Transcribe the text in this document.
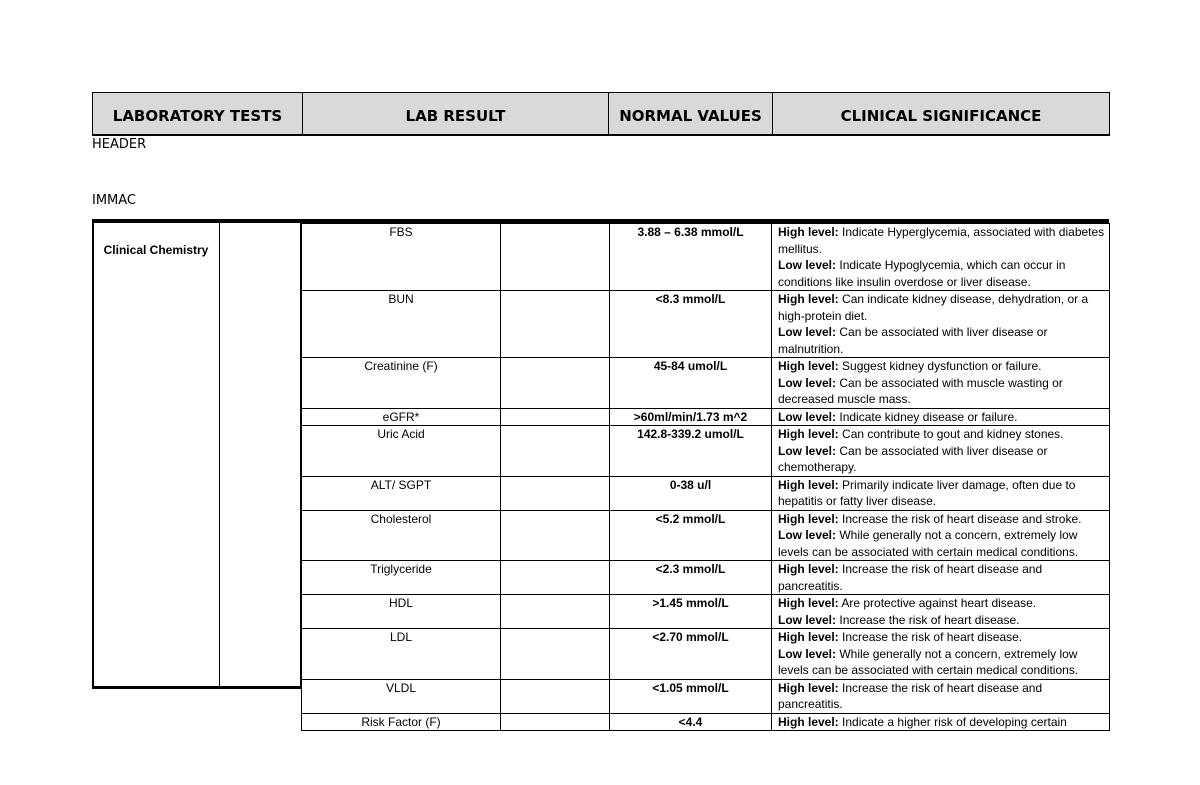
LABORATORY TESTS	LAB RESULT	NORMAL VALUES	CLINICAL SIGNIFICANCE
HEADER
IMMAC
Clinical Chemistry
FBS		3.88 – 6.38 mmol/L	High level: Indicate Hyperglycemia, associated with diabetes mellitus.
Low level: Indicate Hypoglycemia, which can occur in conditions like insulin overdose or liver disease.

BUN		<8.3 mmol/L	High level: Can indicate kidney disease, dehydration, or a high-protein diet.
Low level: Can be associated with liver disease or malnutrition.

Creatinine (F)		45-84 umol/L	High level: Suggest kidney dysfunction or failure.
Low level: Can be associated with muscle wasting or decreased muscle mass.

eGFR*		>60ml/min/1.73 m^2	Low level: Indicate kidney disease or failure.

Uric Acid		142.8-339.2 umol/L	High level: Can contribute to gout and kidney stones.
Low level: Can be associated with liver disease or chemotherapy.

ALT/ SGPT		0-38 u/l	High level: Primarily indicate liver damage, often due to hepatitis or fatty liver disease.

Cholesterol		<5.2 mmol/L	High level: Increase the risk of heart disease and stroke.
Low level: While generally not a concern, extremely low levels can be associated with certain medical conditions.

Triglyceride		<2.3 mmol/L	High level: Increase the risk of heart disease and pancreatitis.

HDL		>1.45 mmol/L	High level: Are protective against heart disease.
Low level: Increase the risk of heart disease.

LDL		<2.70 mmol/L	High level: Increase the risk of heart disease.
Low level: While generally not a concern, extremely low levels can be associated with certain medical conditions.

VLDL		<1.05 mmol/L	High level: Increase the risk of heart disease and pancreatitis.

Risk Factor (F)		<4.4	High level: Indicate a higher risk of developing certain
